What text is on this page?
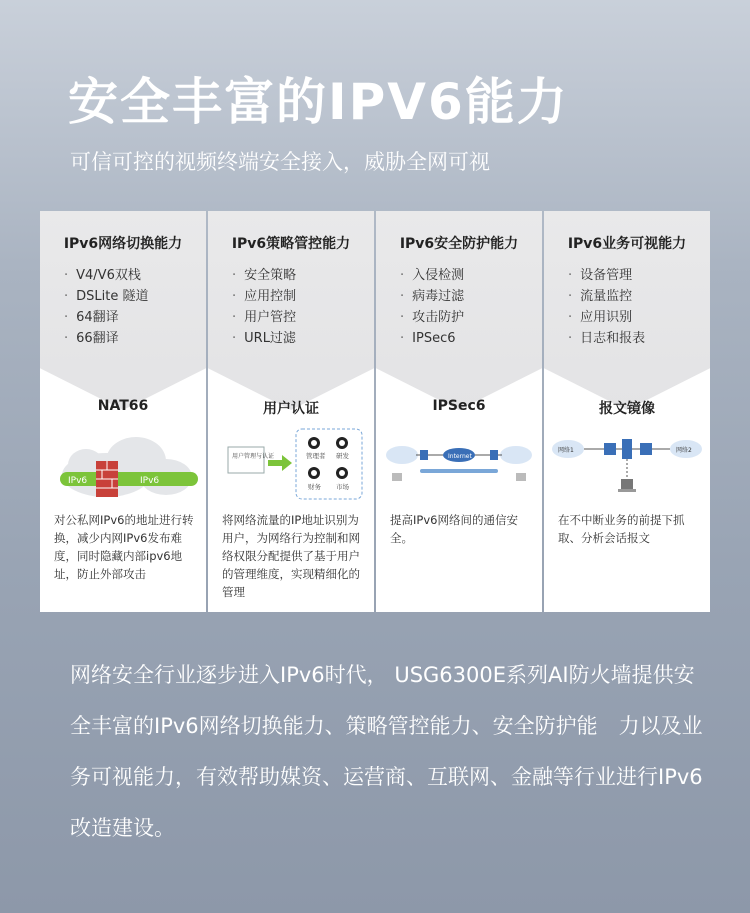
安全丰富的IPV6能力
可信可控的视频终端安全接入，威胁全网可视
IPv6网络切换能力
· V4/V6双栈
· DSLite 隧道
· 64翻译
· 66翻译
NAT66
IPv6	IPv6
对公私网IPv6的地址进行转换，减少内网IPv6发布难度，同时隐藏内部ipv6地址，防止外部攻击
IPv6策略管控能力
· 安全策略
· 应用控制
· 用户管控
· URL过滤
用户认证
用户管理与认证	管理者 研发
财务 市场
将网络流量的IP地址识别为用户，为网络行为控制和网络权限分配提供了基于用户的管理维度，实现精细化的管理
IPv6安全防护能力
· 入侵检测
· 病毒过滤
· 攻击防护
· IPSec6
IPSec6
Internet
提高IPv6网络间的通信安全。
IPv6业务可视能力
· 设备管理
· 流量监控
· 应用识别
· 日志和报表
报文镜像
网络1	网络2
在不中断业务的前提下抓取、分析会话报文
网络安全行业逐步进入IPv6时代， USG6300E系列AI防火墙提供安全丰富的IPv6网络切换能力、策略管控能力、安全防护能　力以及业务可视能力，有效帮助媒资、运营商、互联网、金融等行业进行IPv6改造建设。
